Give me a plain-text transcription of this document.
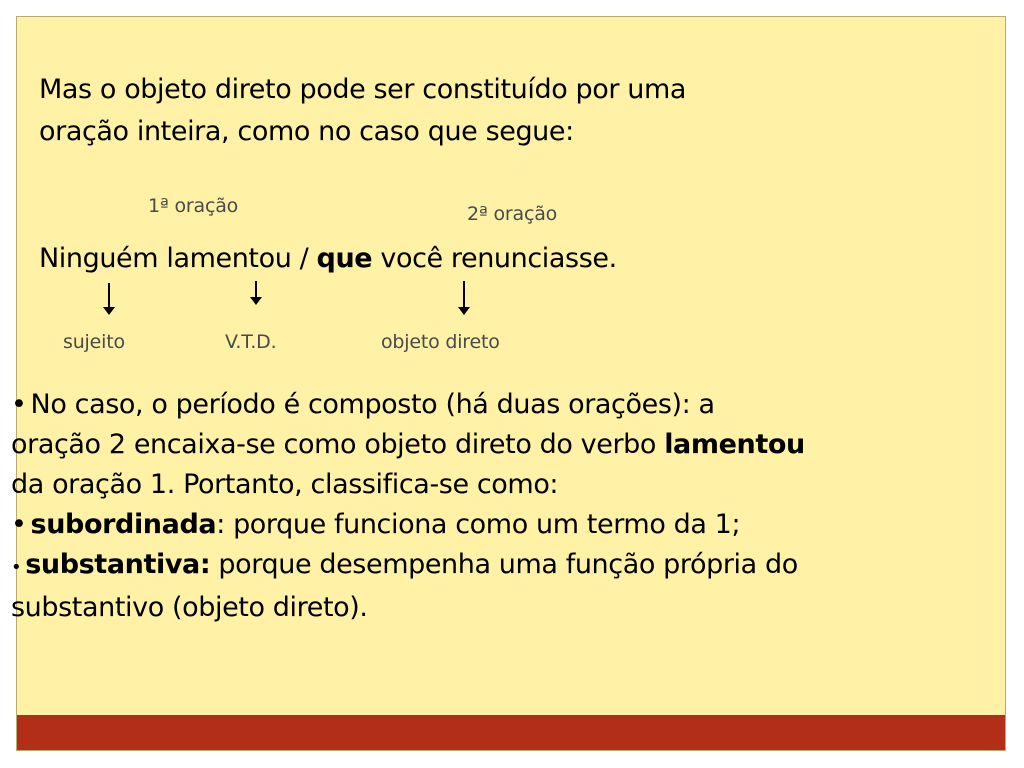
Mas o objeto direto pode ser constituído por uma
oração inteira, como no caso que segue:
1ª oração	2ª oração
Ninguém lamentou / que você renunciasse.
sujeito	V.T.D.	objeto direto
• No caso, o período é composto (há duas orações): a
oração 2 encaixa-se como objeto direto do verbo lamentou
da oração 1. Portanto, classifica-se como:
• subordinada: porque funciona como um termo da 1;
• substantiva: porque desempenha uma função própria do
substantivo (objeto direto).
